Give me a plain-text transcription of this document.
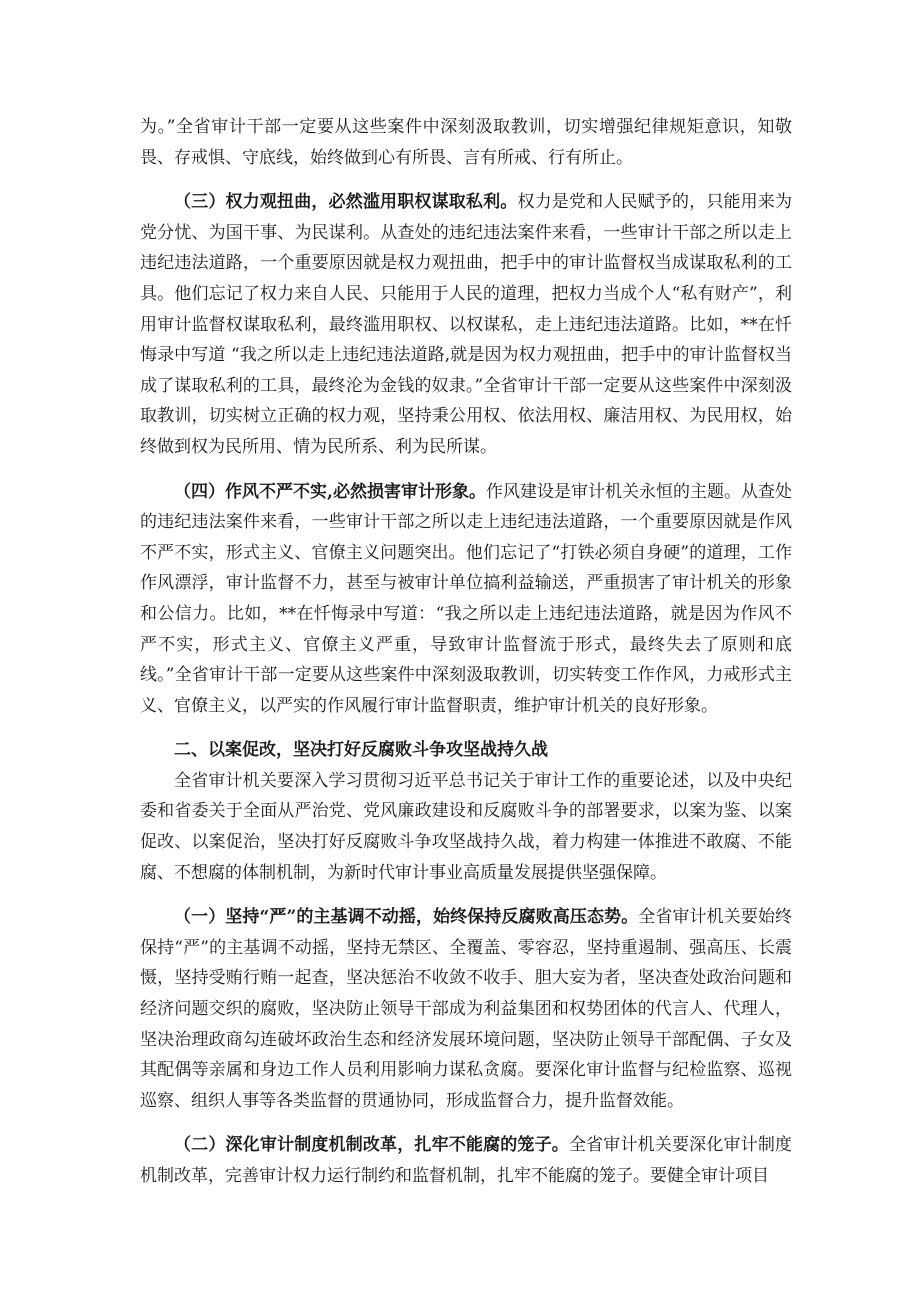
为。”全省审计干部一定要从这些案件中深刻汲取教训，切实增强纪律规矩意识，知敬畏、存戒惧、守底线，始终做到心有所畏、言有所戒、行有所止。

（三）权力观扭曲，必然滥用职权谋取私利。权力是党和人民赋予的，只能用来为党分忧、为国干事、为民谋利。从查处的违纪违法案件来看，一些审计干部之所以走上违纪违法道路，一个重要原因就是权力观扭曲，把手中的审计监督权当成谋取私利的工具。他们忘记了权力来自人民、只能用于人民的道理，把权力当成个人“私有财产”，利用审计监督权谋取私利，最终滥用职权、以权谋私，走上违纪违法道路。比如，**在忏悔录中写道 “我之所以走上违纪违法道路,就是因为权力观扭曲，把手中的审计监督权当成了谋取私利的工具，最终沦为金钱的奴隶。”全省审计干部一定要从这些案件中深刻汲取教训，切实树立正确的权力观，坚持秉公用权、依法用权、廉洁用权、为民用权，始终做到权为民所用、情为民所系、利为民所谋。

（四）作风不严不实,必然损害审计形象。作风建设是审计机关永恒的主题。从查处的违纪违法案件来看，一些审计干部之所以走上违纪违法道路，一个重要原因就是作风不严不实，形式主义、官僚主义问题突出。他们忘记了“打铁必须自身硬”的道理，工作作风漂浮，审计监督不力，甚至与被审计单位搞利益输送，严重损害了审计机关的形象和公信力。比如，**在忏悔录中写道：“我之所以走上违纪违法道路，就是因为作风不严不实，形式主义、官僚主义严重，导致审计监督流于形式，最终失去了原则和底线。”全省审计干部一定要从这些案件中深刻汲取教训，切实转变工作作风，力戒形式主义、官僚主义，以严实的作风履行审计监督职责，维护审计机关的良好形象。

二、以案促改，坚决打好反腐败斗争攻坚战持久战

全省审计机关要深入学习贯彻习近平总书记关于审计工作的重要论述，以及中央纪委和省委关于全面从严治党、党风廉政建设和反腐败斗争的部署要求，以案为鉴、以案促改、以案促治，坚决打好反腐败斗争攻坚战持久战，着力构建一体推进不敢腐、不能腐、不想腐的体制机制，为新时代审计事业高质量发展提供坚强保障。

（一）坚持“严”的主基调不动摇，始终保持反腐败高压态势。全省审计机关要始终保持“严”的主基调不动摇，坚持无禁区、全覆盖、零容忍，坚持重遏制、强高压、长震慑，坚持受贿行贿一起查，坚决惩治不收敛不收手、胆大妄为者，坚决查处政治问题和经济问题交织的腐败，坚决防止领导干部成为利益集团和权势团体的代言人、代理人，坚决治理政商勾连破坏政治生态和经济发展环境问题，坚决防止领导干部配偶、子女及其配偶等亲属和身边工作人员利用影响力谋私贪腐。要深化审计监督与纪检监察、巡视巡察、组织人事等各类监督的贯通协同，形成监督合力，提升监督效能。

（二）深化审计制度机制改革，扎牢不能腐的笼子。全省审计机关要深化审计制度机制改革，完善审计权力运行制约和监督机制，扎牢不能腐的笼子。要健全审计项目
